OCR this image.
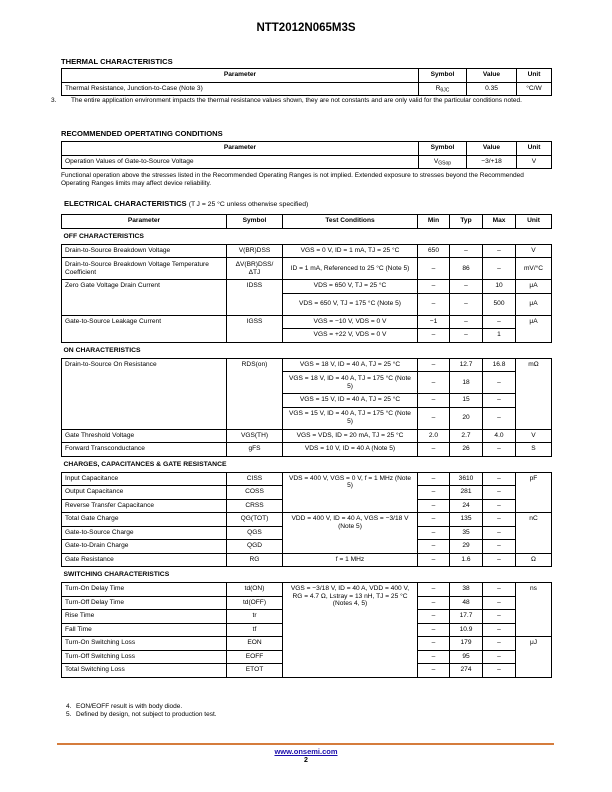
NTT2012N065M3S
THERMAL CHARACTERISTICS
Parameter	Symbol	Value	Unit
Thermal Resistance, Junction-to-Case (Note 3)	$R_{\theta JC}$	0.35	°C/W
3. The entire application environment impacts the thermal resistance values shown, they are not constants and are only valid for the particular conditions noted.
RECOMMENDED OPERTATING CONDITIONS
Parameter	Symbol	Value	Unit
Operation Values of Gate-to-Source Voltage	$V_{GSop}$	−3/+18	V
Functional operation above the stresses listed in the Recommended Operating Ranges is not implied. Extended exposure to stresses beyond the Recommended Operating Ranges limits may affect device reliability.
ELECTRICAL CHARACTERISTICS (T J = 25 °C unless otherwise specified)
Parameter	Symbol	Test Conditions	Min	Typ	Max	Unit
OFF CHARACTERISTICS						
Drain-to-Source Breakdown Voltage	V(BR)DSS	VGS = 0 V, ID = 1 mA, TJ = 25 °C	650	–	–	V
Drain-to-Source Breakdown Voltage Temperature Coefficient	ΔV(BR)DSS/ΔTJ	ID = 1 mA, Referenced to 25 °C (Note 5)	–	86	–	mV/°C
Zero Gate Voltage Drain Current	IDSS	VDS = 650 V, TJ = 25 °C	–	–	10	μA
		VDS = 650 V, TJ = 175 °C (Note 5)	–	–	500	μA
Gate-to-Source Leakage Current	IGSS	VGS = −10 V, VDS = 0 V	−1	–	–	μA
		VGS = +22 V, VDS = 0 V	–	–	1	
ON CHARACTERISTICS						
Drain-to-Source On Resistance	RDS(on)	VGS = 18 V, ID = 40 A, TJ = 25 °C	–	12.7	16.8	mΩ
		VGS = 18 V, ID = 40 A, TJ = 175 °C (Note 5)	–	18	–	
		VGS = 15 V, ID = 40 A, TJ = 25 °C	–	15	–	
		VGS = 15 V, ID = 40 A, TJ = 175 °C (Note 5)	–	20	–	
Gate Threshold Voltage	VGS(TH)	VGS = VDS, ID = 20 mA, TJ = 25 °C	2.0	2.7	4.0	V
Forward Transconductance	gFS	VDS = 10 V, ID = 40 A (Note 5)	–	26	–	S
CHARGES, CAPACITANCES & GATE RESISTANCE						
Input Capacitance	CISS	VDS = 400 V, VGS = 0 V, f = 1 MHz (Note 5)	–	3610	–	pF
Output Capacitance	COSS		–	281	–	
Reverse Transfer Capacitance	CRSS		–	24	–	
Total Gate Charge	QG(TOT)	VDD = 400 V, ID = 40 A, VGS = −3/18 V (Note 5)	–	135	–	nC
Gate-to-Source Charge	QGS		–	35	–	
Gate-to-Drain Charge	QGD		–	29	–	
Gate Resistance	RG	f = 1 MHz	–	1.6	–	Ω
SWITCHING CHARACTERISTICS						
Turn-On Delay Time	td(ON)	VGS = −3/18 V, ID = 40 A, VDD = 400 V, RG = 4.7 Ω, Lstray = 13 nH, TJ = 25 °C (Notes 4, 5)	–	38	–	ns
Turn-Off Delay Time	td(OFF)		–	48	–	
Rise Time	tr		–	17.7	–	
Fall Time	tf		–	10.9	–	
Turn-On Switching Loss	EON		–	179	–	μJ
Turn-Off Switching Loss	EOFF		–	95	–	
Total Switching Loss	ETOT		–	274	–	
4. EON/EOFF result is with body diode.
5. Defined by design, not subject to production test.
www.onsemi.com
2
